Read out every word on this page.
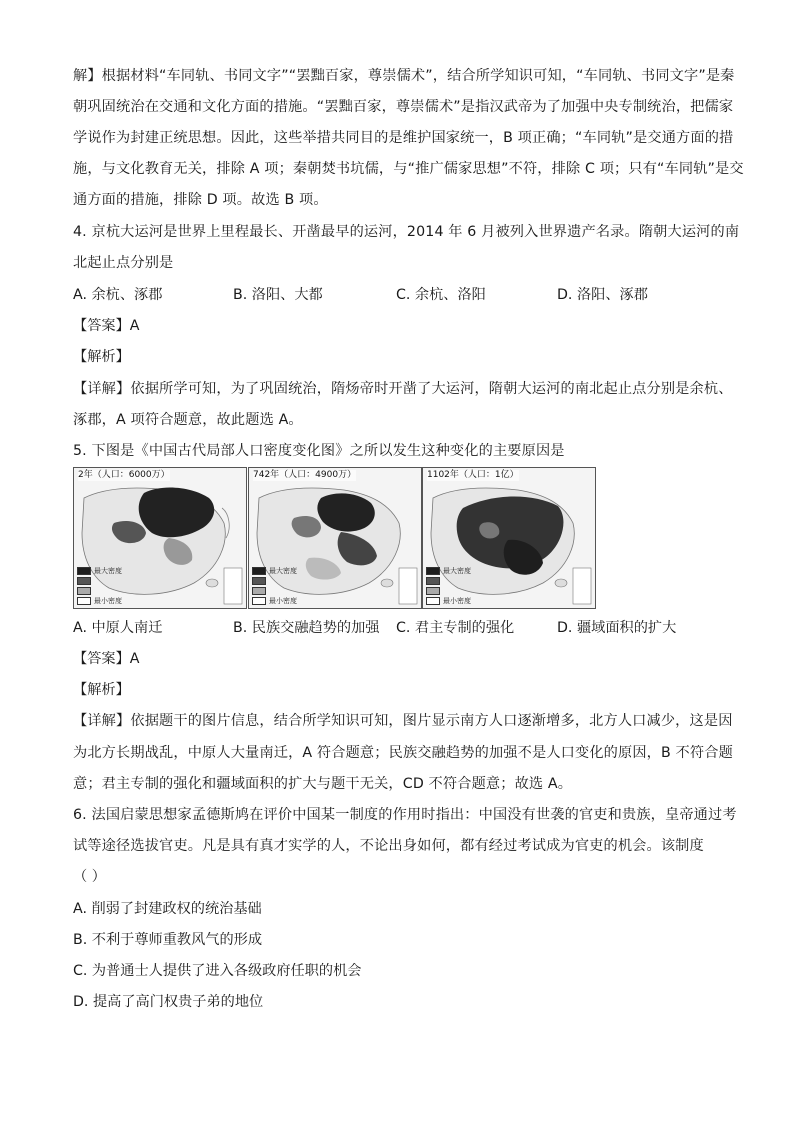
解】根据材料“车同轨、书同文字”“罢黜百家，尊崇儒术”，结合所学知识可知，“车同轨、书同文字”是秦
朝巩固统治在交通和文化方面的措施。“罢黜百家，尊崇儒术”是指汉武帝为了加强中央专制统治，把儒家
学说作为封建正统思想。因此，这些举措共同目的是维护国家统一，B 项正确；“车同轨”是交通方面的措
施，与文化教育无关，排除 A 项；秦朝焚书坑儒，与“推广儒家思想”不符，排除 C 项；只有“车同轨”是交
通方面的措施，排除 D 项。故选 B 项。
4. 京杭大运河是世界上里程最长、开凿最早的运河，2014 年 6 月被列入世界遗产名录。隋朝大运河的南
北起止点分别是
A. 余杭、涿郡	B. 洛阳、大都	C. 余杭、洛阳	D. 洛阳、涿郡
【答案】A
【解析】
【详解】依据所学可知，为了巩固统治，隋炀帝时开凿了大运河，隋朝大运河的南北起止点分别是余杭、
涿郡，A 项符合题意，故此题选 A。
5. 下图是《中国古代局部人口密度变化图》之所以发生这种变化的主要原因是
2年（人口：6000万）
最大密度
最小密度
742年（人口：4900万）
最大密度
最小密度
1102年（人口：1亿）
最大密度
最小密度
A. 中原人南迁	B. 民族交融趋势的加强 C. 君主专制的强化	D. 疆域面积的扩大
【答案】A
【解析】
【详解】依据题干的图片信息，结合所学知识可知，图片显示南方人口逐渐增多，北方人口减少，这是因
为北方长期战乱，中原人大量南迁，A 符合题意；民族交融趋势的加强不是人口变化的原因，B 不符合题
意；君主专制的强化和疆域面积的扩大与题干无关，CD 不符合题意；故选 A。
6. 法国启蒙思想家孟德斯鸠在评价中国某一制度的作用时指出：中国没有世袭的官吏和贵族，皇帝通过考
试等途径选拔官吏。凡是具有真才实学的人，不论出身如何，都有经过考试成为官吏的机会。该制度
（ ）
A. 削弱了封建政权的统治基础
B. 不利于尊师重教风气的形成
C. 为普通士人提供了进入各级政府任职的机会
D. 提高了高门权贵子弟的地位
